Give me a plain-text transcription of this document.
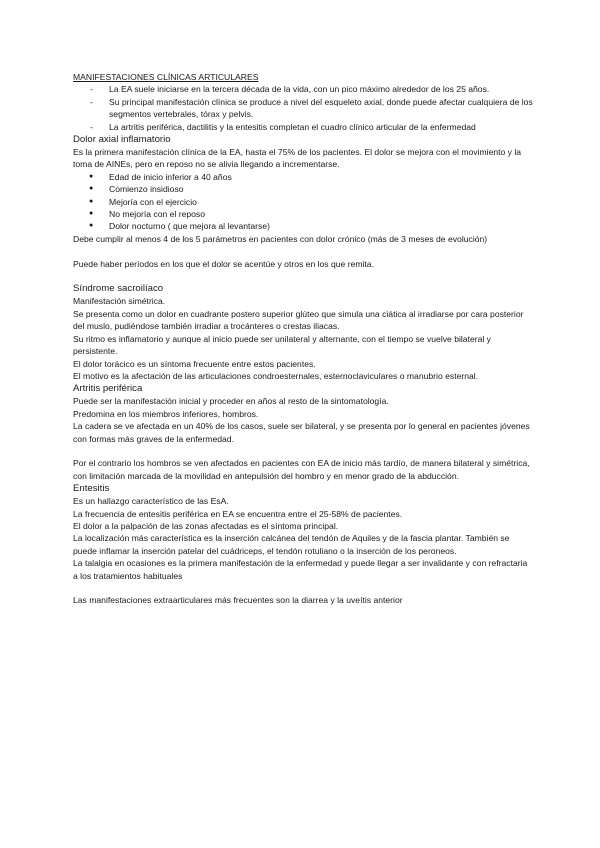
MANIFESTACIONES CLÍNICAS ARTICULARES
- La EA suele iniciarse en la tercera década de la vida, con un pico máximo alrededor de los 25 años.
- Su principal manifestación clínica se produce a nivel del esqueleto axial, donde puede afectar cualquiera de los segmentos vertebrales, tórax y pelvis.
- La artritis periférica, dactilitis y la entesitis completan el cuadro clínico articular de la enfermedad
Dolor axial inflamatorio

Es la primera manifestación clínica de la EA, hasta el 75% de los pacientes. El dolor se mejora con el movimiento y la toma de AINEs, pero en reposo no se alivia llegando a incrementarse.

● Edad de inicio inferior a 40 años
● Comienzo insidioso
● Mejoría con el ejercicio
● No mejoría con el reposo
● Dolor nocturno ( que mejora al levantarse)

Debe cumplir al menos 4 de los 5 parámetros en pacientes con dolor crónico (más de 3 meses de evolución)

Puede haber períodos en los que el dolor se acentúe y otros en los que remita.

Síndrome sacroilíaco

Manifestación simétrica.

Se presenta como un dolor en cuadrante postero superior glúteo que simula una ciática al irradiarse por cara posterior del muslo, pudiéndose también irradiar a trocánteres o crestas iliacas.

Su ritmo es inflamatorio y aunque al inicio puede ser unilateral y alternante, con el tiempo se vuelve bilateral y persistente.

El dolor torácico es un síntoma frecuente entre estos pacientes.

El motivo es la afectación de las articulaciones condroesternales, esternoclaviculares o manubrio esternal.

Artritis periférica

Puede ser la manifestación inicial y proceder en años al resto de la sintomatología.

Predomina en los miembros inferiores, hombros.

La cadera se ve afectada en un 40% de los casos, suele ser bilateral, y se presenta por lo general en pacientes jóvenes con formas más graves de la enfermedad.

Por el contrario los hombros se ven afectados en pacientes con EA de inicio más tardío, de manera bilateral y simétrica, con limitación marcada de la movilidad en antepulsión del hombro y en menor grado de la abducción.

Entesitis

Es un hallazgo característico de las EsA.

La frecuencia de entesitis periférica en EA se encuentra entre el 25-58% de pacientes.

El dolor a la palpación de las zonas afectadas es el síntoma principal.

La localización más característica es la inserción calcánea del tendón de Aquiles y de la fascia plantar. También se puede inflamar la inserción patelar del cuádriceps, el tendón rotuliano o la inserción de los peroneos.

La talalgia en ocasiones es la primera manifestación de la enfermedad y puede llegar a ser invalidante y con refractaria a los tratamientos habituales

Las manifestaciones extraarticulares más frecuentes son la diarrea y la uveítis anterior
